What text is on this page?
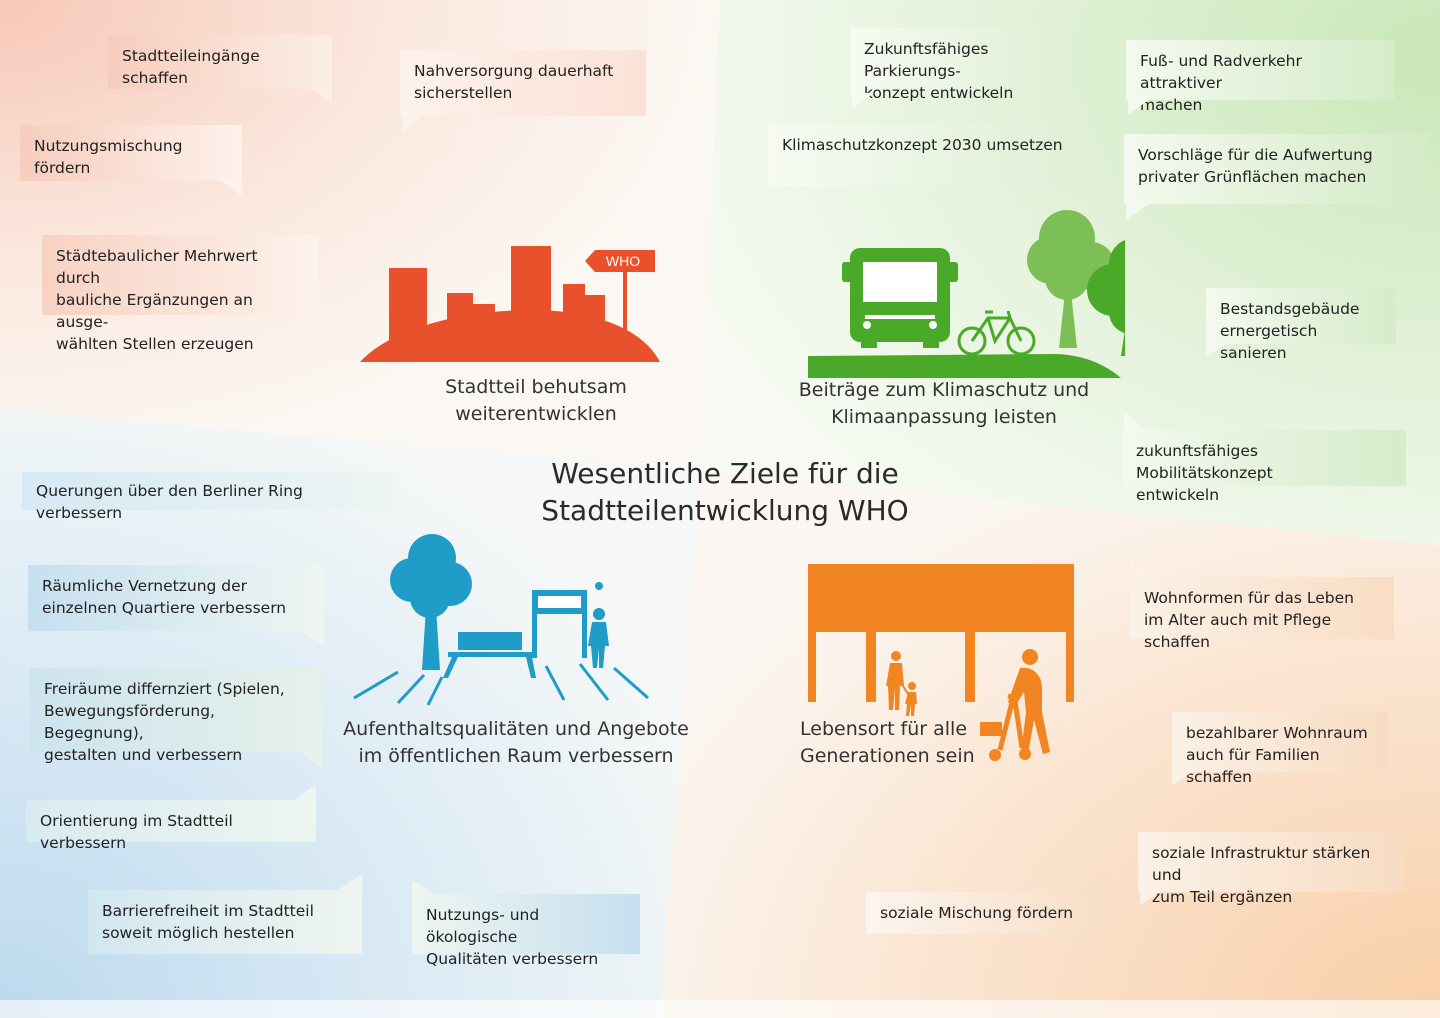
Stadtteileingänge schaffen	Nahversorgung dauerhaft
sicherstellen
Nutzungsmischung fördern
Städtebaulicher Mehrwert durch
bauliche Ergänzungen an ausge-
wählten Stellen erzeugen
WHO
Stadtteil behutsam
weiterentwicklen
Zukunftsfähiges Parkierungs-
konzept entwickeln
Fuß- und Radverkehr attraktiver
machen
Klimaschutzkonzept 2030 umsetzen
Vorschläge für die Aufwertung
privater Grünflächen machen
Bestandsgebäude
ernergetisch sanieren
zukunftsfähiges Mobilitätskonzept
entwickeln
Beiträge zum Klimaschutz und
Klimaanpassung leisten
Wesentliche Ziele für die
Stadtteilentwicklung WHO
Querungen über den Berliner Ring verbessern
Räumliche Vernetzung der
einzelnen Quartiere verbessern
Freiräume differnziert (Spielen,
Bewegungsförderung, Begegnung),
gestalten und verbessern
Orientierung im Stadtteil verbessern
Barrierefreiheit im Stadtteil
soweit möglich hestellen
Nutzungs- und ökologische
Qualitäten verbessern
Aufenthaltsqualitäten und Angebote
im öffentlichen Raum verbessern
Wohnformen für das Leben
im Alter auch mit Pflege schaffen
bezahlbarer Wohnraum
auch für Familien schaffen
soziale Infrastruktur stärken und
zum Teil ergänzen
soziale Mischung fördern
Lebensort für alle
Generationen sein
